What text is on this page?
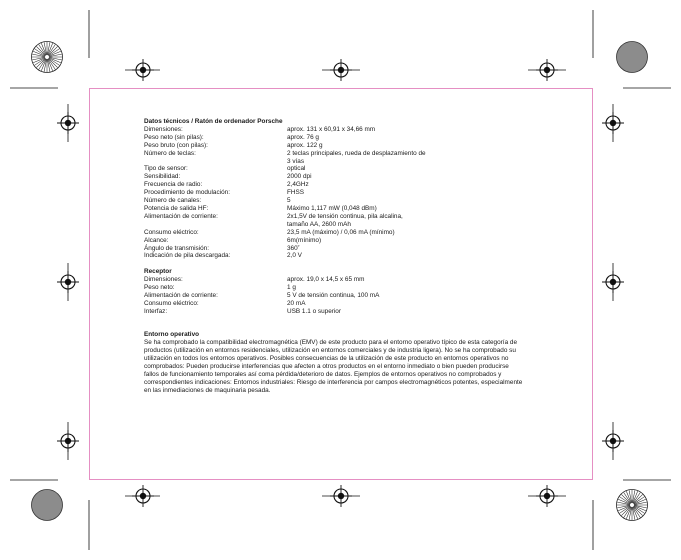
Datos técnicos / Ratón de ordenador Porsche
Dimensiones:	aprox. 131 x 60,91 x 34,66 mm
Peso neto (sin pilas):	aprox. 76 g
Peso bruto (con pilas):	aprox. 122 g
Número de teclas:	2 teclas principales, rueda de desplazamiento de
3 vías
Tipo de sensor:	optical
Sensibilidad:	2000 dpi
Frecuencia de radio:	2,4GHz
Procedimiento de modulación:	FHSS
Número de canales:	5
Potencia de salida HF:	Máximo 1,117 mW (0,048 dBm)
Alimentación de corriente:	2x1,5V de tensión continua, pila alcalina,
tamaño AA, 2600 mAh
Consumo eléctrico:	23,5 mA (máximo) / 0,06 mA (mínimo)
Alcance:	6m(mínimo)
Ángulo de transmisión:	360˚
Indicación de pila descargada:	2,0 V
Receptor
Dimensiones:	aprox. 19,0 x 14,5 x 65 mm
Peso neto:	1 g
Alimentación de corriente:	5 V de tensión continua, 100 mA
Consumo eléctrico:	20 mA
Interfaz:	USB 1.1 o superior
Entorno operativo
Se ha comprobado la compatibilidad electromagnética (EMV) de este producto para el entorno operativo típico de esta categoría de
productos (utilización en entornos residenciales, utilización en entornos comerciales y de industria ligera). No se ha comprobado su
utilización en todos los entornos operativos. Posibles consecuencias de la utilización de este producto en entornos operativos no
comprobados: Pueden producirse interferencias que afecten a otros productos en el entorno inmediato o bien pueden producirse
fallos de funcionamiento temporales así coma pérdida/deterioro de datos. Ejemplos de entornos operativos no comprobados y
correspondientes indicaciones: Entornos industriales: Riesgo de interferencia por campos electromagnéticos potentes, especialmente
en las inmediaciones de maquinaria pesada.
